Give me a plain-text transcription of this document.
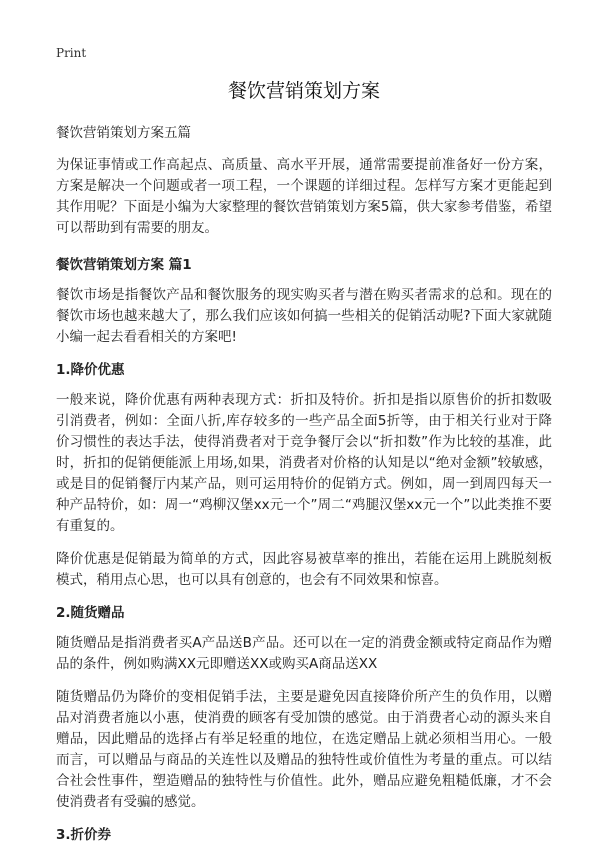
Print
餐饮营销策划方案
餐饮营销策划方案五篇

为保证事情或工作高起点、高质量、高水平开展，通常需要提前准备好一份方案，方案是解决一个问题或者一项工程，一个课题的详细过程。怎样写方案才更能起到其作用呢？下面是小编为大家整理的餐饮营销策划方案5篇，供大家参考借鉴，希望可以帮助到有需要的朋友。

餐饮营销策划方案 篇1

餐饮市场是指餐饮产品和餐饮服务的现实购买者与潜在购买者需求的总和。现在的餐饮市场也越来越大了，那么我们应该如何搞一些相关的促销活动呢?下面大家就随小编一起去看看相关的方案吧!

1.降价优惠

一般来说，降价优惠有两种表现方式：折扣及特价。折扣是指以原售价的折扣数吸引消费者，例如：全面八折,库存较多的一些产品全面5折等，由于相关行业对于降价习惯性的表达手法，使得消费者对于竞争餐厅会以“折扣数”作为比较的基准，此时，折扣的促销便能派上用场,如果，消费者对价格的认知是以“绝对金额”较敏感，或是目的促销餐厅内某产品，则可运用特价的促销方式。例如，周一到周四每天一种产品特价，如：周一“鸡柳汉堡xx元一个”周二“鸡腿汉堡xx元一个”以此类推不要有重复的。

降价优惠是促销最为简单的方式，因此容易被草率的推出，若能在运用上跳脱刻板模式，稍用点心思，也可以具有创意的，也会有不同效果和惊喜。

2.随货赠品

随货赠品是指消费者买A产品送B产品。还可以在一定的消费金额或特定商品作为赠品的条件，例如购满XX元即赠送XX或购买A商品送XX

随货赠品仍为降价的变相促销手法，主要是避免因直接降价所产生的负作用，以赠品对消费者施以小惠，使消费的顾客有受加馈的感觉。由于消费者心动的源头来自赠品，因此赠品的选择占有举足轻重的地位，在选定赠品上就必须相当用心。一般而言，可以赠品与商品的关连性以及赠品的独特性或价值性为考量的重点。可以结合社会性事件，塑造赠品的独特性与价值性。此外，赠品应避免粗糙低廉，才不会使消费者有受骗的感觉。

3.折价券
